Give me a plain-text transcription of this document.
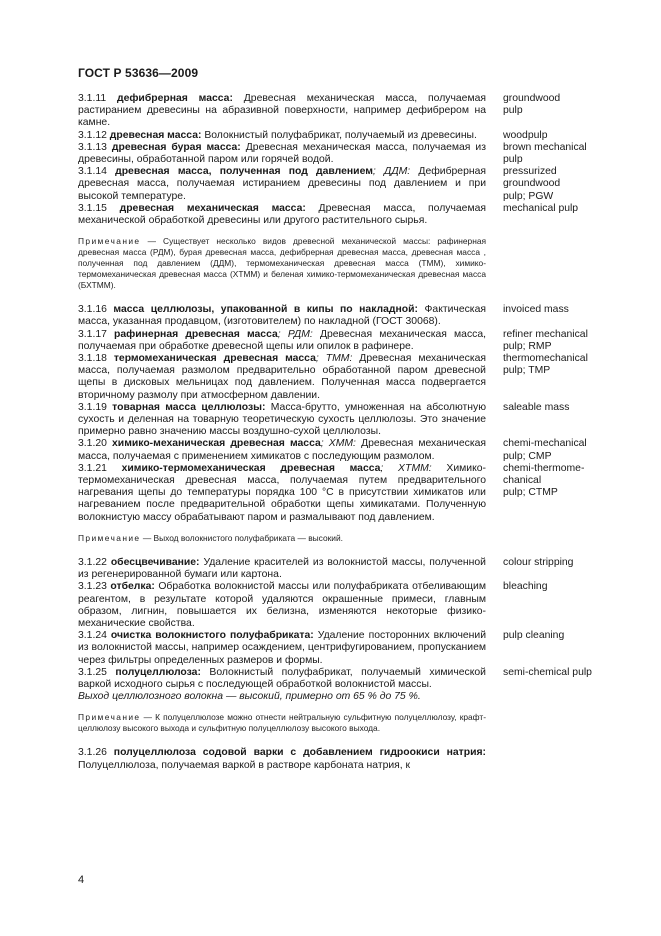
ГОСТ Р 53636—2009

3.1.11 дефибрерная масса: Древесная механическая масса, получаемая растиранием древесины на абразивной поверхности, например дефибрером на камне.

groundwood
pulp

3.1.12 древесная масса: Волокнистый полуфабрикат, получаемый из древесины.	woodpulp

3.1.13 древесная бурая масса: Древесная механическая масса, получаемая из древесины, обработанной паром или горячей водой.

brown mechanical
pulp

3.1.14 древесная масса, полученная под давлением; ДДМ: Дефибрерная древесная масса, получаемая истиранием древесины под давлением и при высокой температуре.

pressurized
groundwood
pulp; PGW

3.1.15 древесная механическая масса: Древесная масса, получаемая механической обработкой древесины или другого растительного сырья.

mechanical pulp

Примечание — Существует несколько видов древесной механической массы: рафинерная древесная масса (РДМ), бурая древесная масса, дефибрерная древесная масса, древесная масса , полученная под давлением (ДДМ), термомеханическая древесная масса (ТММ), химико-термомеханическая древесная масса (ХТММ) и беленая химико-термомеханическая древесная масса (БХТММ).

3.1.16 масса целлюлозы, упакованной в кипы по накладной: Фактическая масса, указанная продавцом, (изготовителем) по накладной (ГОСТ 30068).

invoiced mass

3.1.17 рафинерная древесная масса; РДМ: Древесная механическая масса, получаемая при обработке древесной щепы или опилок в рафинере.

refiner mechanical
pulp; RMP

3.1.18 термомеханическая древесная масса; ТММ: Древесная механическая масса, получаемая размолом предварительно обработанной паром древесной щепы в дисковых мельницах под давлением. Полученная масса подвергается вторичному размолу при атмосферном давлении.

thermomechanical
pulp; TMP

3.1.19 товарная масса целлюлозы: Масса-брутто, умноженная на абсолютную сухость и деленная на товарную теоретическую сухость целлюлозы. Это значение примерно равно значению массы воздушно-сухой целлюлозы.

saleable mass

3.1.20 химико-механическая древесная масса; ХММ: Древесная механическая масса, получаемая с применением химикатов с последующим размолом.

chemi-mechanical
pulp; CMP

3.1.21 химико-термомеханическая древесная масса; ХТММ: Химико-термомеханическая древесная масса, получаемая путем предварительного нагревания щепы до температуры порядка 100 °С в присутствии химикатов или нагреванием после предварительной обработки щепы химикатами. Полученную волокнистую массу обрабатывают паром и размалывают под давлением.

chemi-thermome-
chanical
pulp; CTMP

Примечание — Выход волокнистого полуфабриката — высокий.

3.1.22 обесцвечивание: Удаление красителей из волокнистой массы, полученной из регенерированной бумаги или картона.

colour stripping

3.1.23 отбелка: Обработка волокнистой массы или полуфабриката отбеливающим реагентом, в результате которой удаляются окрашенные примеси, главным образом, лигнин, повышается их белизна, изменяются некоторые физико-механические свойства.

bleaching

3.1.24 очистка волокнистого полуфабриката: Удаление посторонних включений из волокнистой массы, например осаждением, центрифугированием, пропусканием через фильтры определенных размеров и формы.

pulp cleaning

3.1.25 полуцеллюлоза: Волокнистый полуфабрикат, получаемый химической варкой исходного сырья с последующей обработкой волокнистой массы.

semi-chemical pulp
Выход целлюлозного волокна — высокий, примерно от 65 % до 75 %.

Примечание — К полуцеллюлозе можно отнести нейтральную сульфитную полуцеллюлозу, крафт-целлюлозу высокого выхода и сульфитную полуцеллюлозу высокого выхода.

3.1.26 полуцеллюлоза содовой варки с добавлением гидроокиси натрия: Полуцеллюлоза, получаемая варкой в растворе карбоната натрия, к

4
